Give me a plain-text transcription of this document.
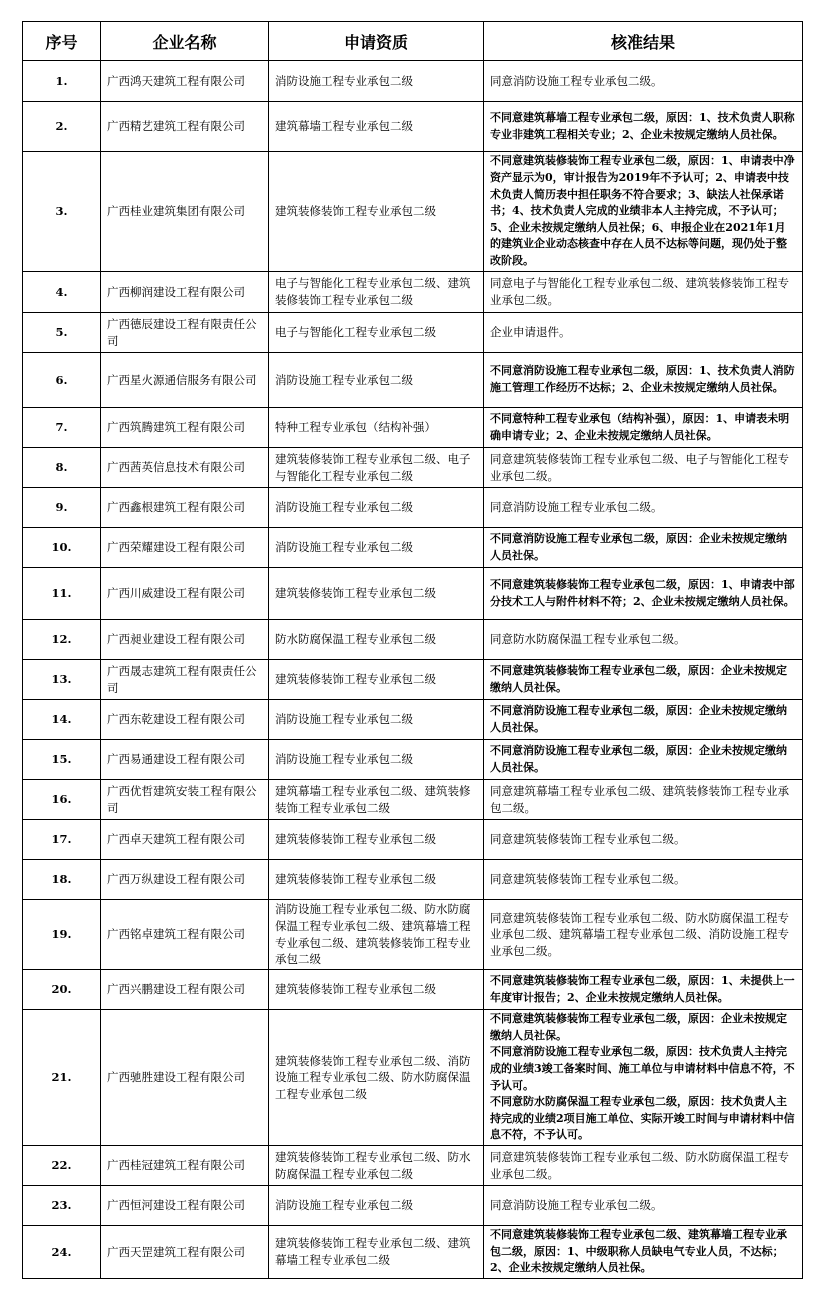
序号	企业名称	申请资质	核准结果
1.	广西鸿天建筑工程有限公司	消防设施工程专业承包二级	同意消防设施工程专业承包二级。
2.	广西精艺建筑工程有限公司	建筑幕墙工程专业承包二级	不同意建筑幕墙工程专业承包二级，原因：1、技术负责人职称专业非建筑工程相关专业；2、企业未按规定缴纳人员社保。
3.	广西桂业建筑集团有限公司	建筑装修装饰工程专业承包二级	不同意建筑装修装饰工程专业承包二级，原因：1、申请表中净资产显示为0，审计报告为2019年不予认可；2、申请表中技术负责人简历表中担任职务不符合要求；3、缺法人社保承诺书；4、技术负责人完成的业绩非本人主持完成，不予认可；5、企业未按规定缴纳人员社保；6、申报企业在2021年1月的建筑业企业动态核查中存在人员不达标等问题，现仍处于整改阶段。
4.	广西柳润建设工程有限公司	电子与智能化工程专业承包二级、建筑装修装饰工程专业承包二级	同意电子与智能化工程专业承包二级、建筑装修装饰工程专业承包二级。
5.	广西德辰建设工程有限责任公司	电子与智能化工程专业承包二级	企业申请退件。
6.	广西星火源通信服务有限公司	消防设施工程专业承包二级	不同意消防设施工程专业承包二级，原因：1、技术负责人消防施工管理工作经历不达标；2、企业未按规定缴纳人员社保。
7.	广西筑腾建筑工程有限公司	特种工程专业承包（结构补强）	不同意特种工程专业承包（结构补强），原因：1、申请表未明确申请专业；2、企业未按规定缴纳人员社保。
8.	广西茜英信息技术有限公司	建筑装修装饰工程专业承包二级、电子与智能化工程专业承包二级	同意建筑装修装饰工程专业承包二级、电子与智能化工程专业承包二级。
9.	广西鑫根建筑工程有限公司	消防设施工程专业承包二级	同意消防设施工程专业承包二级。
10.	广西荣耀建设工程有限公司	消防设施工程专业承包二级	不同意消防设施工程专业承包二级，原因：企业未按规定缴纳人员社保。
11.	广西川威建设工程有限公司	建筑装修装饰工程专业承包二级	不同意建筑装修装饰工程专业承包二级，原因：1、申请表中部分技术工人与附件材料不符；2、企业未按规定缴纳人员社保。
12.	广西昶业建设工程有限公司	防水防腐保温工程专业承包二级	同意防水防腐保温工程专业承包二级。
13.	广西晟志建筑工程有限责任公司	建筑装修装饰工程专业承包二级	不同意建筑装修装饰工程专业承包二级，原因：企业未按规定缴纳人员社保。
14.	广西东乾建设工程有限公司	消防设施工程专业承包二级	不同意消防设施工程专业承包二级，原因：企业未按规定缴纳人员社保。
15.	广西易通建设工程有限公司	消防设施工程专业承包二级	不同意消防设施工程专业承包二级，原因：企业未按规定缴纳人员社保。
16.	广西优哲建筑安装工程有限公司	建筑幕墙工程专业承包二级、建筑装修装饰工程专业承包二级	同意建筑幕墙工程专业承包二级、建筑装修装饰工程专业承包二级。
17.	广西卓天建筑工程有限公司	建筑装修装饰工程专业承包二级	同意建筑装修装饰工程专业承包二级。
18.	广西万纵建设工程有限公司	建筑装修装饰工程专业承包二级	同意建筑装修装饰工程专业承包二级。
19.	广西铭卓建筑工程有限公司	消防设施工程专业承包二级、防水防腐保温工程专业承包二级、建筑幕墙工程专业承包二级、建筑装修装饰工程专业承包二级	同意建筑装修装饰工程专业承包二级、防水防腐保温工程专业承包二级、建筑幕墙工程专业承包二级、消防设施工程专业承包二级。
20.	广西兴鹏建设工程有限公司	建筑装修装饰工程专业承包二级	不同意建筑装修装饰工程专业承包二级，原因：1、未提供上一年度审计报告；2、企业未按规定缴纳人员社保。
21.	广西驰胜建设工程有限公司	建筑装修装饰工程专业承包二级、消防设施工程专业承包二级、防水防腐保温工程专业承包二级	不同意建筑装修装饰工程专业承包二级，原因：企业未按规定缴纳人员社保。
不同意消防设施工程专业承包二级，原因：技术负责人主持完成的业绩3竣工备案时间、施工单位与申请材料中信息不符，不予认可。
不同意防水防腐保温工程专业承包二级，原因：技术负责人主持完成的业绩2项目施工单位、实际开竣工时间与申请材料中信息不符，不予认可。

22.	广西桂冠建筑工程有限公司	建筑装修装饰工程专业承包二级、防水防腐保温工程专业承包二级	同意建筑装修装饰工程专业承包二级、防水防腐保温工程专业承包二级。
23.	广西恒河建设工程有限公司	消防设施工程专业承包二级	同意消防设施工程专业承包二级。
24.	广西天罡建筑工程有限公司	建筑装修装饰工程专业承包二级、建筑幕墙工程专业承包二级	不同意建筑装修装饰工程专业承包二级、建筑幕墙工程专业承包二级，原因：1、中级职称人员缺电气专业人员，不达标；2、企业未按规定缴纳人员社保。
